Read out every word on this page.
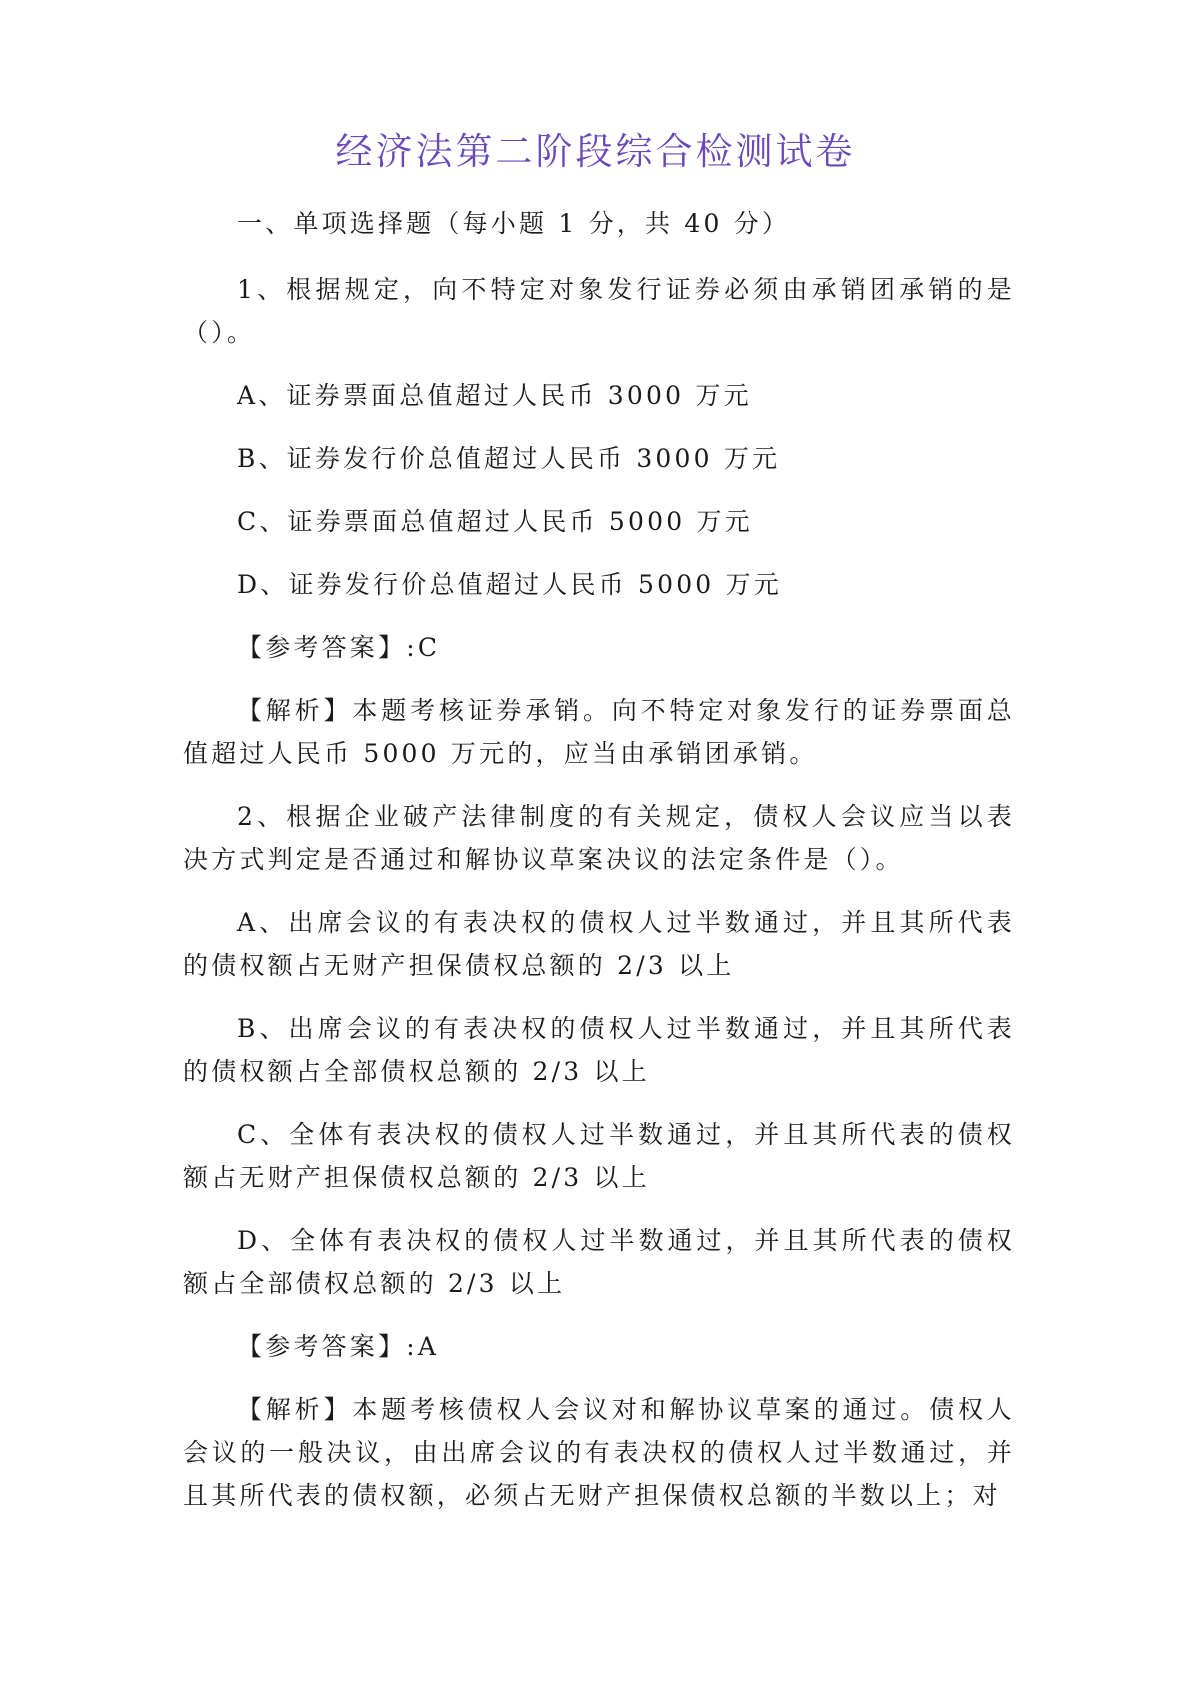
经济法第二阶段综合检测试卷

一、单项选择题（每小题 1 分，共 40 分）

1、根据规定，向不特定对象发行证券必须由承销团承销的是（）。

A、证券票面总值超过人民币 3000 万元

B、证券发行价总值超过人民币 3000 万元

C、证券票面总值超过人民币 5000 万元

D、证券发行价总值超过人民币 5000 万元

【参考答案】:C

【解析】本题考核证券承销。向不特定对象发行的证券票面总值超过人民币 5000 万元的，应当由承销团承销。

2、根据企业破产法律制度的有关规定，债权人会议应当以表决方式判定是否通过和解协议草案决议的法定条件是（）。

A、出席会议的有表决权的债权人过半数通过，并且其所代表的债权额占无财产担保债权总额的 2/3 以上

B、出席会议的有表决权的债权人过半数通过，并且其所代表的债权额占全部债权总额的 2/3 以上

C、全体有表决权的债权人过半数通过，并且其所代表的债权额占无财产担保债权总额的 2/3 以上

D、全体有表决权的债权人过半数通过，并且其所代表的债权额占全部债权总额的 2/3 以上

【参考答案】:A

【解析】本题考核债权人会议对和解协议草案的通过。债权人会议的一般决议，由出席会议的有表决权的债权人过半数通过，并且其所代表的债权额，必须占无财产担保债权总额的半数以上；对
